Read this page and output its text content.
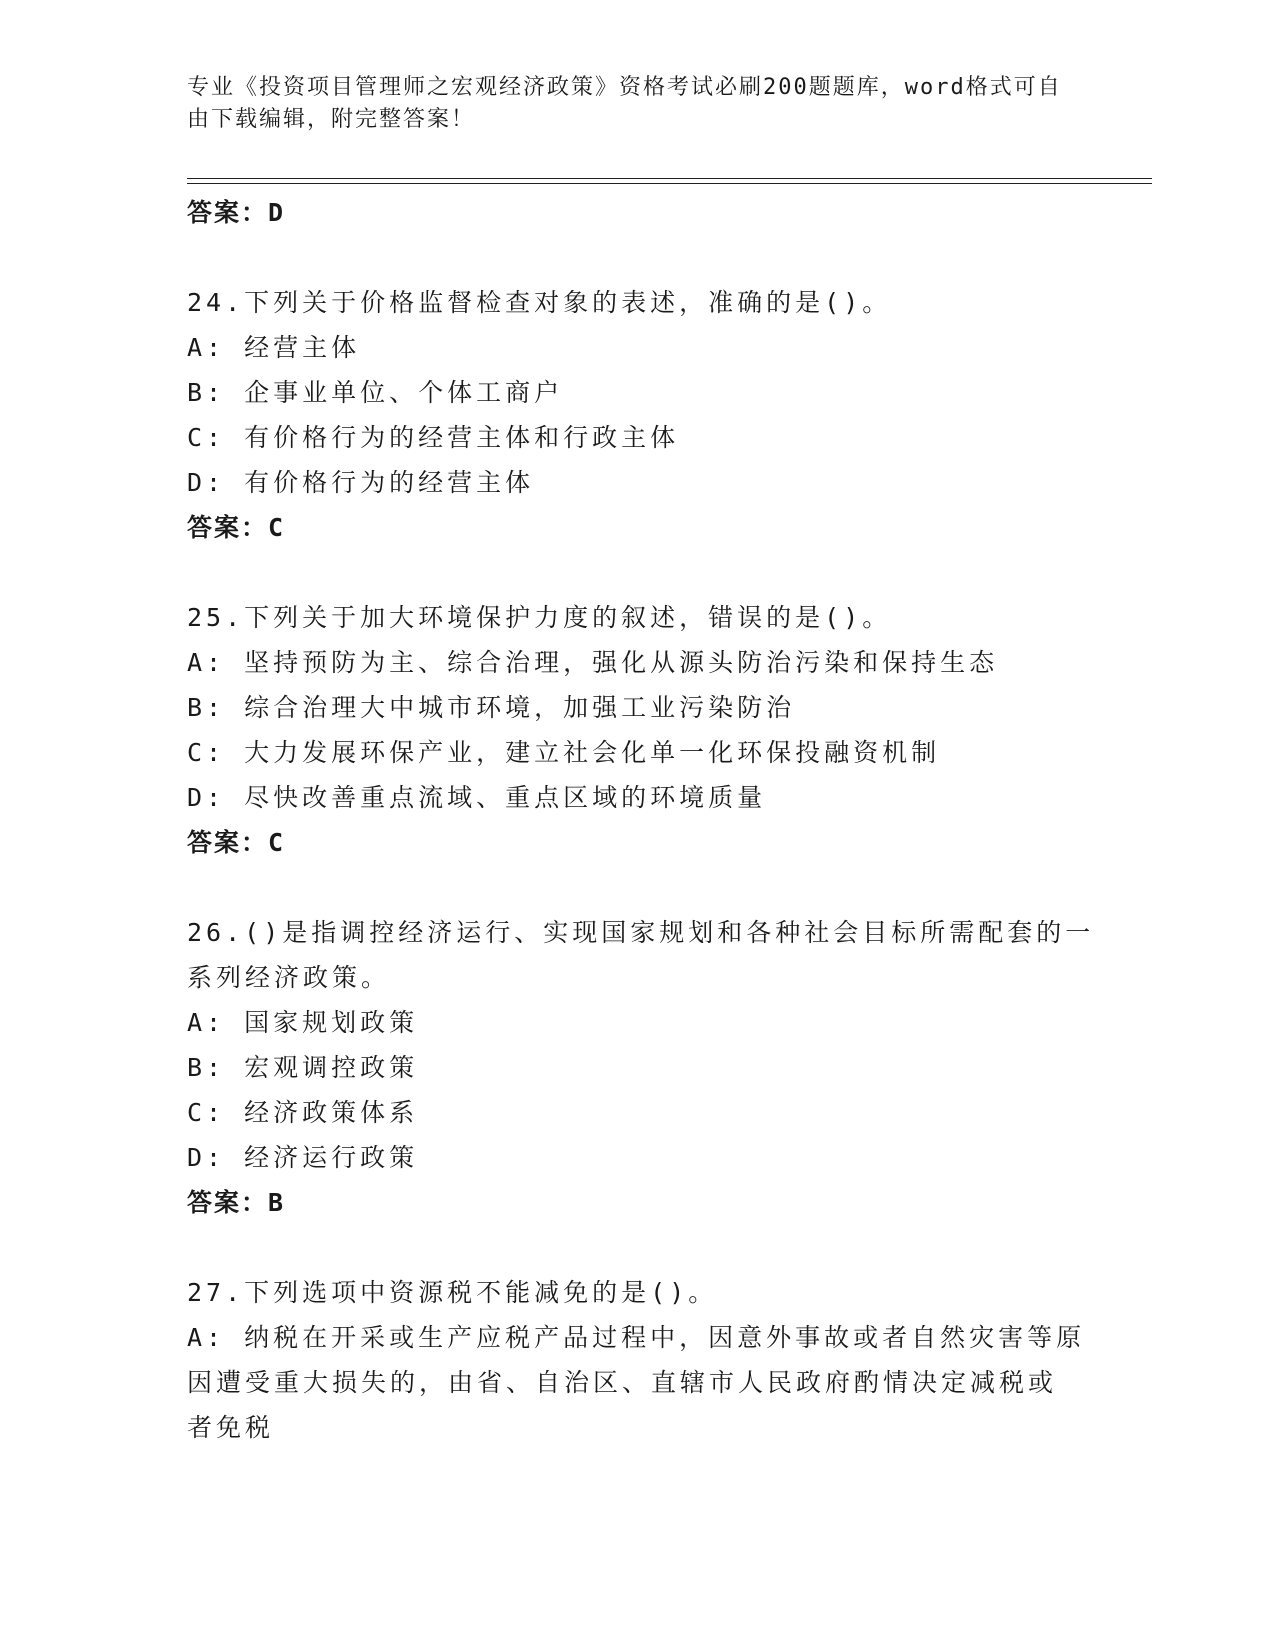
专业《投资项目管理师之宏观经济政策》资格考试必刷200题题库，word格式可自由下载编辑，附完整答案！
答案：D
24.下列关于价格监督检查对象的表述，准确的是()。
A: 经营主体
B: 企事业单位、个体工商户
C: 有价格行为的经营主体和行政主体
D: 有价格行为的经营主体
答案：C
25.下列关于加大环境保护力度的叙述，错误的是()。
A: 坚持预防为主、综合治理，强化从源头防治污染和保持生态
B: 综合治理大中城市环境，加强工业污染防治
C: 大力发展环保产业，建立社会化单一化环保投融资机制
D: 尽快改善重点流域、重点区域的环境质量
答案：C
26.()是指调控经济运行、实现国家规划和各种社会目标所需配套的一
系列经济政策。
A: 国家规划政策
B: 宏观调控政策
C: 经济政策体系
D: 经济运行政策
答案：B
27.下列选项中资源税不能减免的是()。
A: 纳税在开采或生产应税产品过程中，因意外事故或者自然灾害等原
因遭受重大损失的，由省、自治区、直辖市人民政府酌情决定减税或
者免税
